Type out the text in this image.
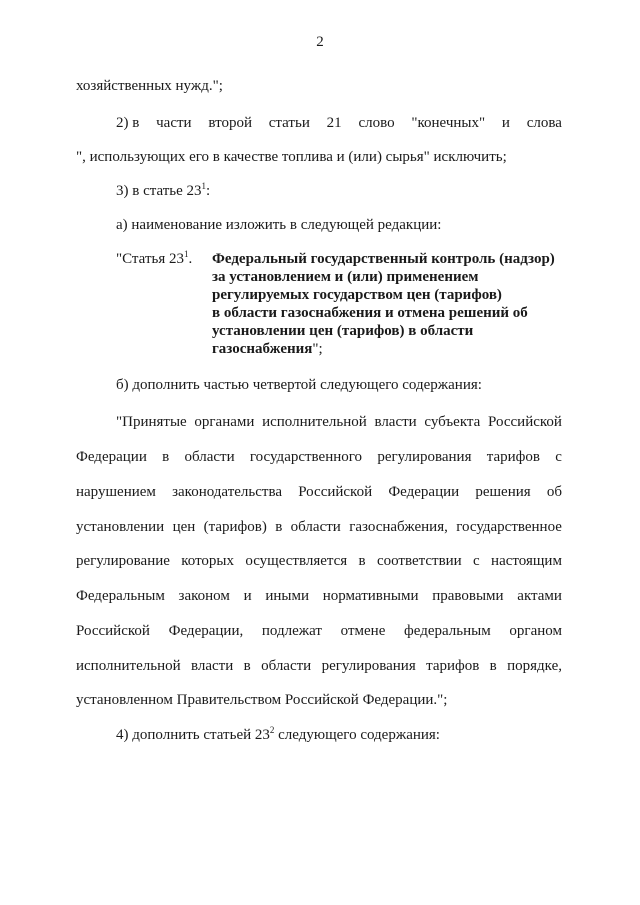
2
хозяйственных нужд.";
2) в части второй статьи 21 слово "конечных" и слова
", использующих его в качестве топлива и (или) сырья" исключить;
3) в статье $23^1$:
а) наименование изложить в следующей редакции:
"Статья $23^1$. Федеральный государственный контроль (надзор)
за установлением и (или) применением
регулируемых государством цен (тарифов)
в области газоснабжения и отмена решений об
установлении цен (тарифов) в области
газоснабжения";
б) дополнить частью четвертой следующего содержания:
"Принятые органами исполнительной власти субъекта Российской
Федерации в области государственного регулирования тарифов с
нарушением законодательства Российской Федерации решения об
установлении цен (тарифов) в области газоснабжения, государственное
регулирование которых осуществляется в соответствии с настоящим
Федеральным законом и иными нормативными правовыми актами
Российской Федерации, подлежат отмене федеральным органом
исполнительной власти в области регулирования тарифов в порядке,
установленном Правительством Российской Федерации.";
4) дополнить статьей $23^2$ следующего содержания:
